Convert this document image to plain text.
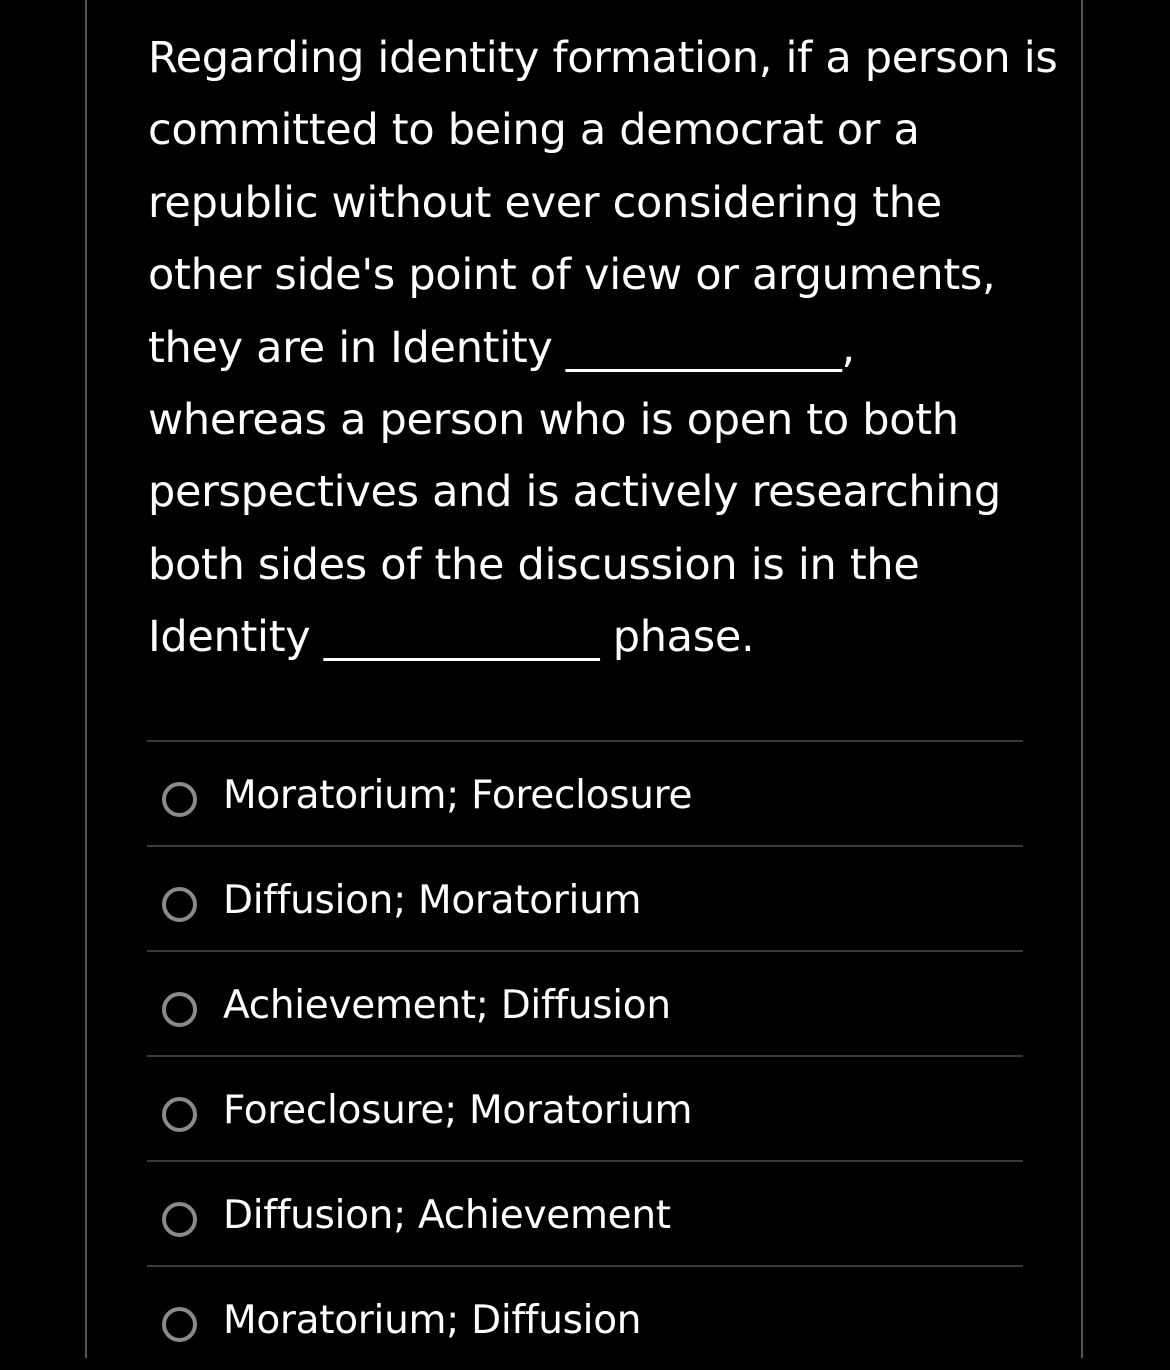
Regarding identity formation, if a person is
committed to being a democrat or a
republic without ever considering the
other side's point of view or arguments,
they are in Identity _____________,
whereas a person who is open to both
perspectives and is actively researching
both sides of the discussion is in the
Identity _____________ phase.

Moratorium; Foreclosure
Diffusion; Moratorium
Achievement; Diffusion
Foreclosure; Moratorium
Diffusion; Achievement
Moratorium; Diffusion
